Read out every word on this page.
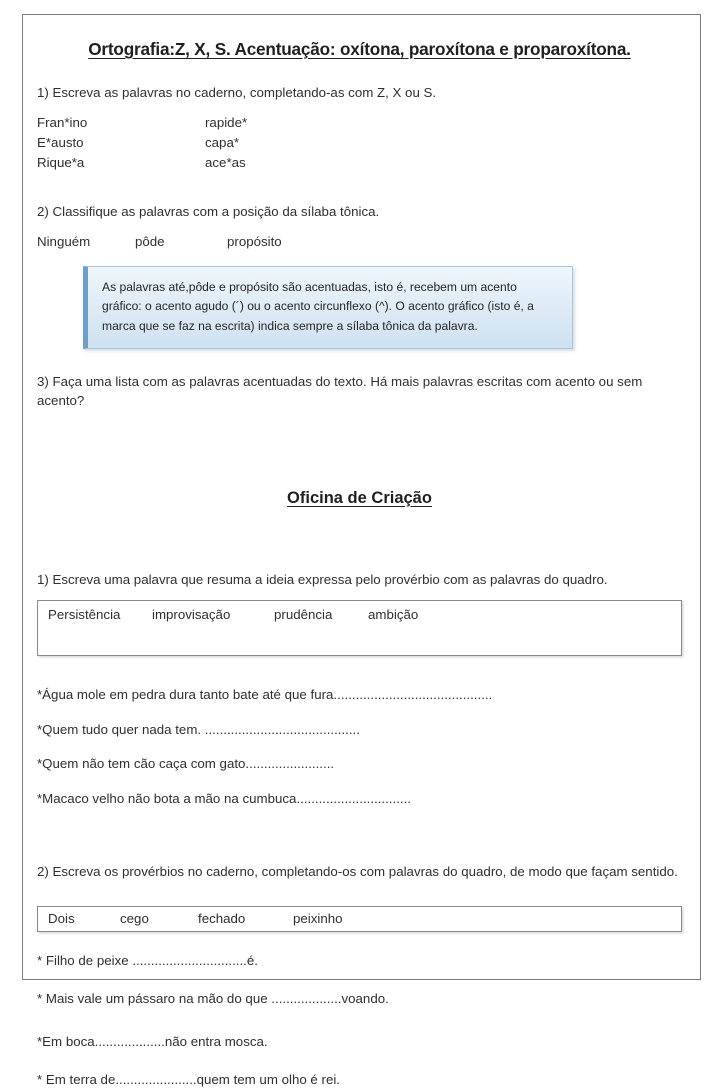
Ortografia:Z, X, S. Acentuação: oxítona, paroxítona e proparoxítona.
1) Escreva as palavras no caderno, completando-as com Z, X ou S.
Fran*ino	rapide*
E*austo	capa*
Rique*a	ace*as
2) Classifique as palavras com a posição da sílaba tônica.
Ninguém	pôde	propósito
As palavras até,pôde e propósito são acentuadas, isto é, recebem um acento gráfico: o acento agudo (´) ou o acento circunflexo (^). O acento gráfico (isto é, a marca que se faz na escrita) indica sempre a sílaba tônica da palavra.
3) Faça uma lista com as palavras acentuadas do texto. Há mais palavras escritas com acento ou sem acento?
Oficina de Criação
1) Escreva uma palavra que resuma a ideia expressa pelo provérbio com as palavras do quadro.
Persistência	improvisação	prudência	ambição
*Água mole em pedra dura tanto bate até que fura...........................................
*Quem tudo quer nada tem. ..........................................
*Quem não tem cão caça com gato........................
*Macaco velho não bota a mão na cumbuca...............................
2) Escreva os provérbios no caderno, completando-os com palavras do quadro, de modo que façam sentido.
Dois	cego	fechado	peixinho
* Filho de peixe ...............................é.
* Mais vale um pássaro na mão do que ...................voando.
*Em boca...................não entra mosca.
* Em terra de......................quem tem um olho é rei.
